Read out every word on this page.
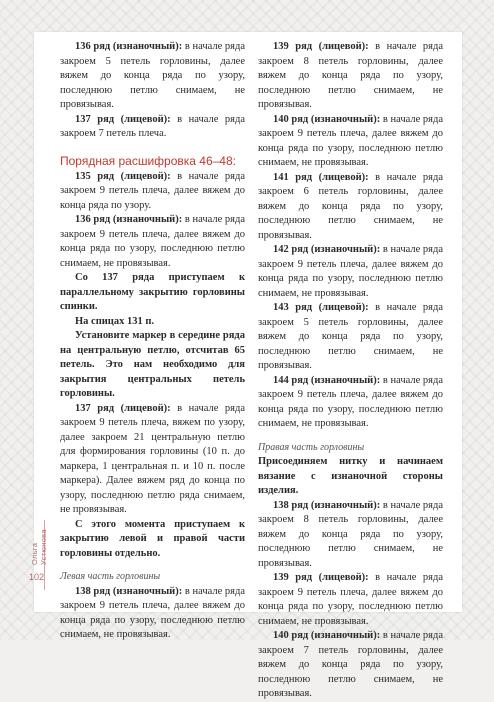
136 ряд (изнаночный): в начале ряда закроем 5 петель горловины, далее вяжем до конца ряда по узору, последнюю петлю снимаем, не провязывая.

137 ряд (лицевой): в начале ряда закроем 7 петель плеча.

Порядная расшифровка 46–48:

135 ряд (лицевой): в начале ряда закроем 9 петель плеча, далее вяжем до конца ряда по узору.

136 ряд (изнаночный): в начале ряда закроем 9 петель плеча, далее вяжем до конца ряда по узору, последнюю петлю снимаем, не провязывая.

Со 137 ряда приступаем к параллельному закрытию горловины спинки.

На спицах 131 п.

Установите маркер в середине ряда на центральную петлю, отсчитав 65 петель. Это нам необходимо для закрытия центральных петель горловины.

137 ряд (лицевой): в начале ряда закроем 9 петель плеча, вяжем по узору, далее закроем 21 центральную петлю для формирования горловины (10 п. до маркера, 1 центральная п. и 10 п. после маркера). Далее вяжем ряд до конца по узору, последнюю петлю ряда снимаем, не провязывая.

С этого момента приступаем к закрытию левой и правой части горловины отдельно.

Левая часть горловины

138 ряд (изнаночный): в начале ряда закроем 9 петель плеча, далее вяжем до конца ряда по узору, последнюю петлю снимаем, не провязывая.

139 ряд (лицевой): в начале ряда закроем 8 петель горловины, далее вяжем до конца ряда по узору, последнюю петлю снимаем, не провязывая.

140 ряд (изнаночный): в начале ряда закроем 9 петель плеча, далее вяжем до конца ряда по узору, последнюю петлю снимаем, не провязывая.

141 ряд (лицевой): в начале ряда закроем 6 петель горловины, далее вяжем до конца ряда по узору, последнюю петлю снимаем, не провязывая.

142 ряд (изнаночный): в начале ряда закроем 9 петель плеча, далее вяжем до конца ряда по узору, последнюю петлю снимаем, не провязывая.

143 ряд (лицевой): в начале ряда закроем 5 петель горловины, далее вяжем до конца ряда по узору, последнюю петлю снимаем, не провязывая.

144 ряд (изнаночный): в начале ряда закроем 9 петель плеча, далее вяжем до конца ряда по узору, последнюю петлю снимаем, не провязывая.

Правая часть горловины

Присоединяем нитку и начинаем вязание с изнаночной стороны изделия.

138 ряд (изнаночный): в начале ряда закроем 8 петель горловины, далее вяжем до конца ряда по узору, последнюю петлю снимаем, не провязывая.

139 ряд (лицевой): в начале ряда закроем 9 петель плеча, далее вяжем до конца ряда по узору, последнюю петлю снимаем, не провязывая.

140 ряд (изнаночный): в начале ряда закроем 7 петель горловины, далее вяжем до конца ряда по узору, последнюю петлю снимаем, не провязывая.

Ольга Устюнова
102
